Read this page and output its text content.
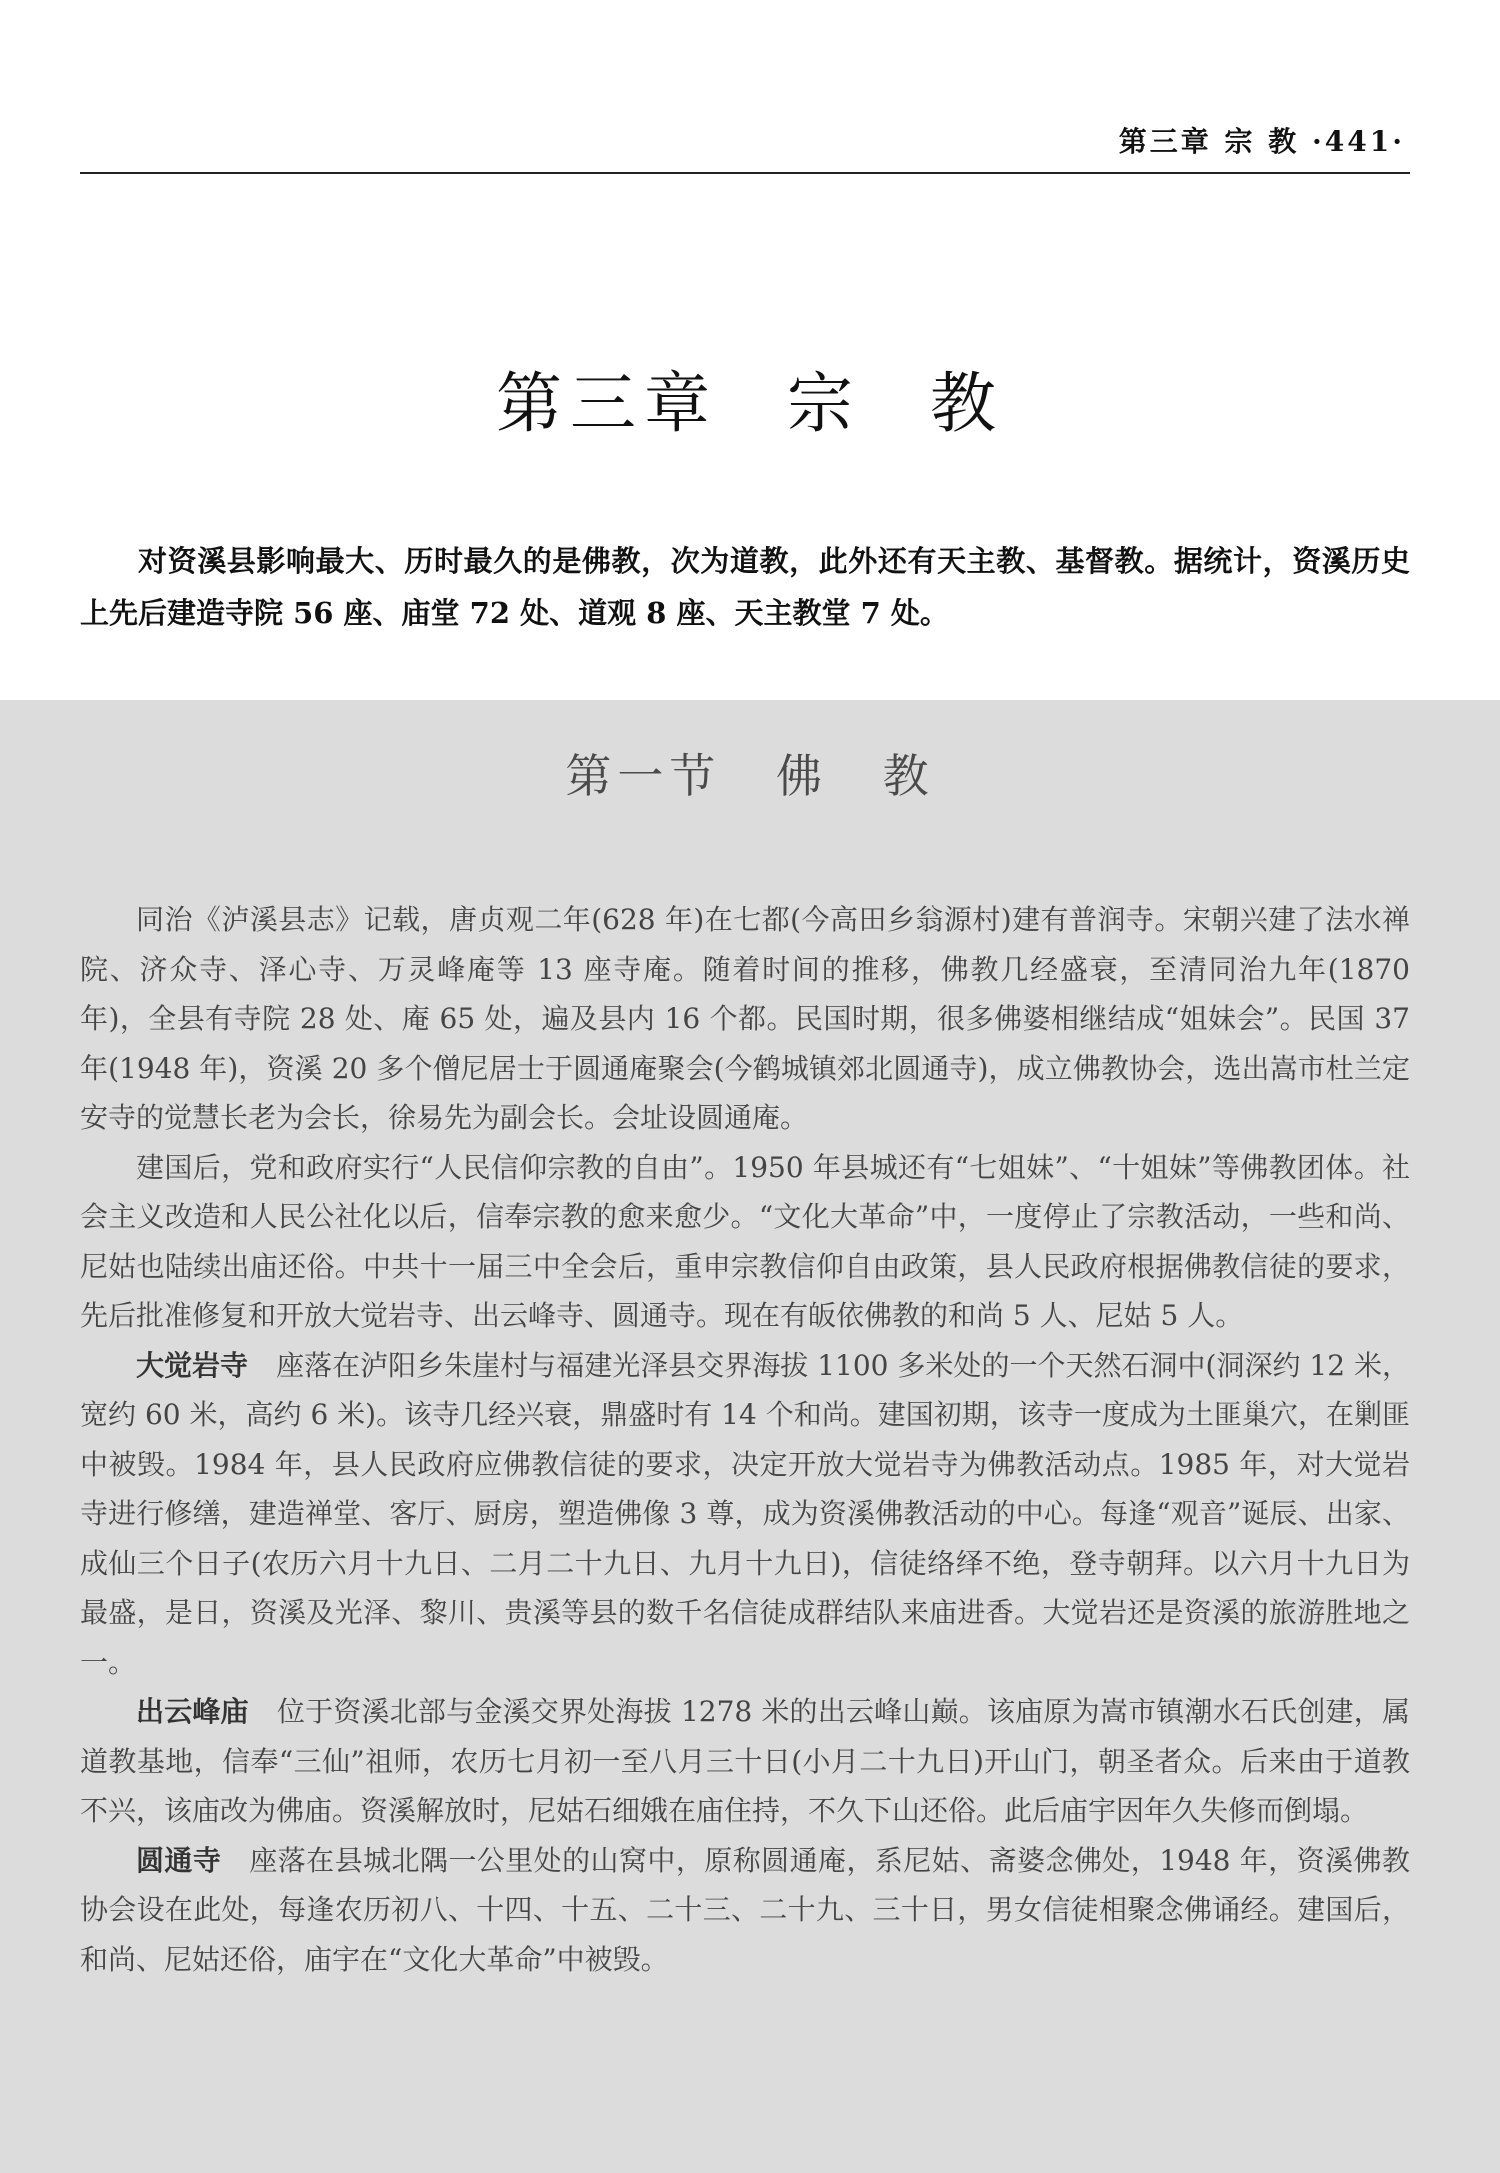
第三章 宗 教 ·441·
第三章 宗 教

对资溪县影响最大、历时最久的是佛教，次为道教，此外还有天主教、基督教。据统计，资溪历史上先后建造寺院 56 座、庙堂 72 处、道观 8 座、天主教堂 7 处。

第一节 佛 教

同治《泸溪县志》记载，唐贞观二年(628 年)在七都(今高田乡翁源村)建有普润寺。宋朝兴建了法水禅院、济众寺、泽心寺、万灵峰庵等 13 座寺庵。随着时间的推移，佛教几经盛衰，至清同治九年(1870 年)，全县有寺院 28 处、庵 65 处，遍及县内 16 个都。民国时期，很多佛婆相继结成“姐妹会”。民国 37 年(1948 年)，资溪 20 多个僧尼居士于圆通庵聚会(今鹤城镇郊北圆通寺)，成立佛教协会，选出嵩市杜兰定安寺的觉慧长老为会长，徐易先为副会长。会址设圆通庵。

建国后，党和政府实行“人民信仰宗教的自由”。1950 年县城还有“七姐妹”、“十姐妹”等佛教团体。社会主义改造和人民公社化以后，信奉宗教的愈来愈少。“文化大革命”中，一度停止了宗教活动，一些和尚、尼姑也陆续出庙还俗。中共十一届三中全会后，重申宗教信仰自由政策，县人民政府根据佛教信徒的要求，先后批准修复和开放大觉岩寺、出云峰寺、圆通寺。现在有皈依佛教的和尚 5 人、尼姑 5 人。

大觉岩寺 座落在泸阳乡朱崖村与福建光泽县交界海拔 1100 多米处的一个天然石洞中(洞深约 12 米，宽约 60 米，高约 6 米)。该寺几经兴衰，鼎盛时有 14 个和尚。建国初期，该寺一度成为土匪巢穴，在剿匪中被毁。1984 年，县人民政府应佛教信徒的要求，决定开放大觉岩寺为佛教活动点。1985 年，对大觉岩寺进行修缮，建造禅堂、客厅、厨房，塑造佛像 3 尊，成为资溪佛教活动的中心。每逢“观音”诞辰、出家、成仙三个日子(农历六月十九日、二月二十九日、九月十九日)，信徒络绎不绝，登寺朝拜。以六月十九日为最盛，是日，资溪及光泽、黎川、贵溪等县的数千名信徒成群结队来庙进香。大觉岩还是资溪的旅游胜地之一。

出云峰庙 位于资溪北部与金溪交界处海拔 1278 米的出云峰山巅。该庙原为嵩市镇潮水石氏创建，属道教基地，信奉“三仙”祖师，农历七月初一至八月三十日(小月二十九日)开山门，朝圣者众。后来由于道教不兴，该庙改为佛庙。资溪解放时，尼姑石细娥在庙住持，不久下山还俗。此后庙宇因年久失修而倒塌。

圆通寺 座落在县城北隅一公里处的山窝中，原称圆通庵，系尼姑、斋婆念佛处，1948 年，资溪佛教协会设在此处，每逢农历初八、十四、十五、二十三、二十九、三十日，男女信徒相聚念佛诵经。建国后，和尚、尼姑还俗，庙宇在“文化大革命”中被毁。
